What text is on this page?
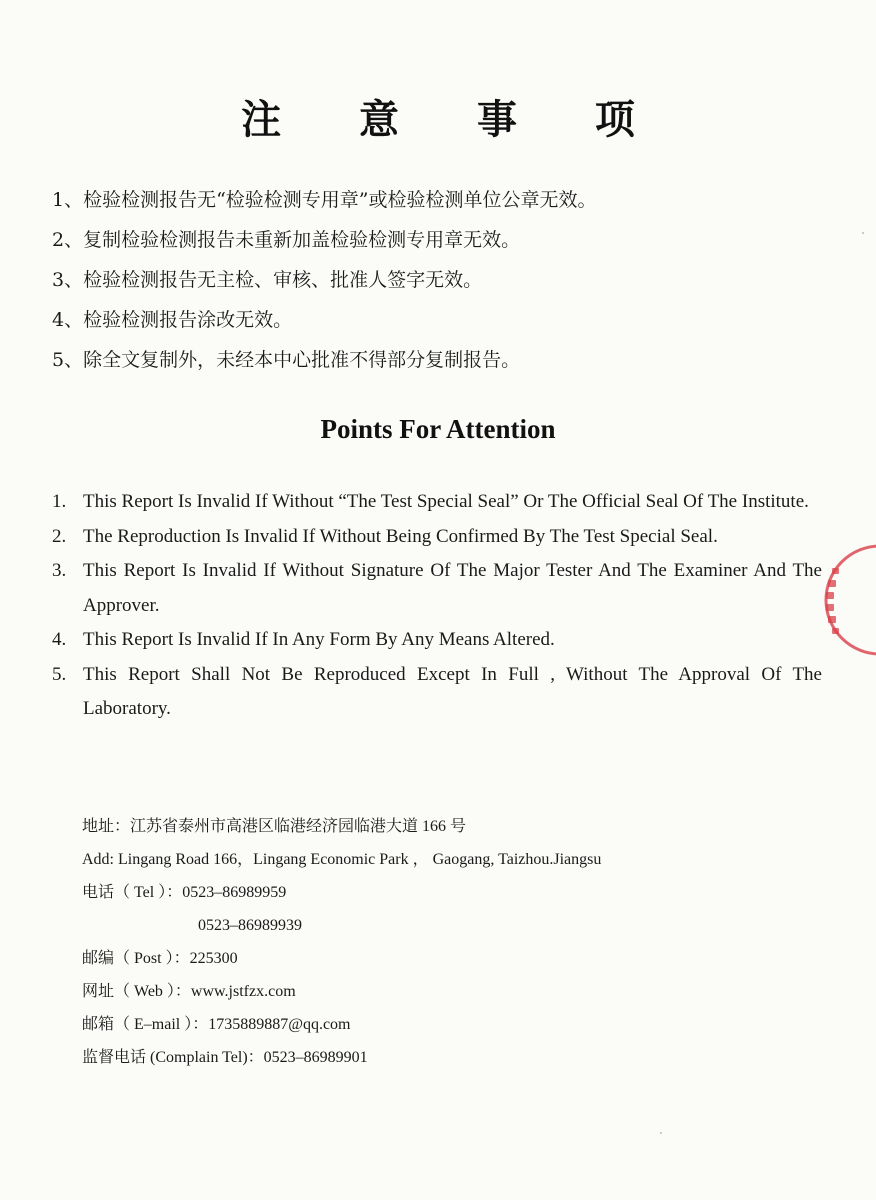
注 意 事 项
1、检验检测报告无“检验检测专用章”或检验检测单位公章无效。
2、复制检验检测报告未重新加盖检验检测专用章无效。
3、检验检测报告无主检、审核、批准人签字无效。
4、检验检测报告涂改无效。
5、除全文复制外，未经本中心批准不得部分复制报告。
Points For Attention
1. This Report Is Invalid If Without “The Test Special Seal” Or The Official Seal Of The Institute.
2. The Reproduction Is Invalid If Without Being Confirmed By The Test Special Seal.
3. This Report Is Invalid If Without Signature Of The Major Tester And The Examiner And The Approver.
4. This Report Is Invalid If In Any Form By Any Means Altered.
5. This Report Shall Not Be Reproduced Except In Full , Without The Approval Of The Laboratory.
地址：江苏省泰州市高港区临港经济园临港大道 166 号
Add: Lingang Road 166，Lingang Economic Park ， Gaogang, Taizhou.Jiangsu
电话（ Tel ）：0523–86989959
0523–86989939
邮编（ Post ）：225300
网址（ Web ）：www.jstfzx.com
邮箱（ E–mail ）：1735889887@qq.com
监督电话 (Complain Tel)：0523–86989901
